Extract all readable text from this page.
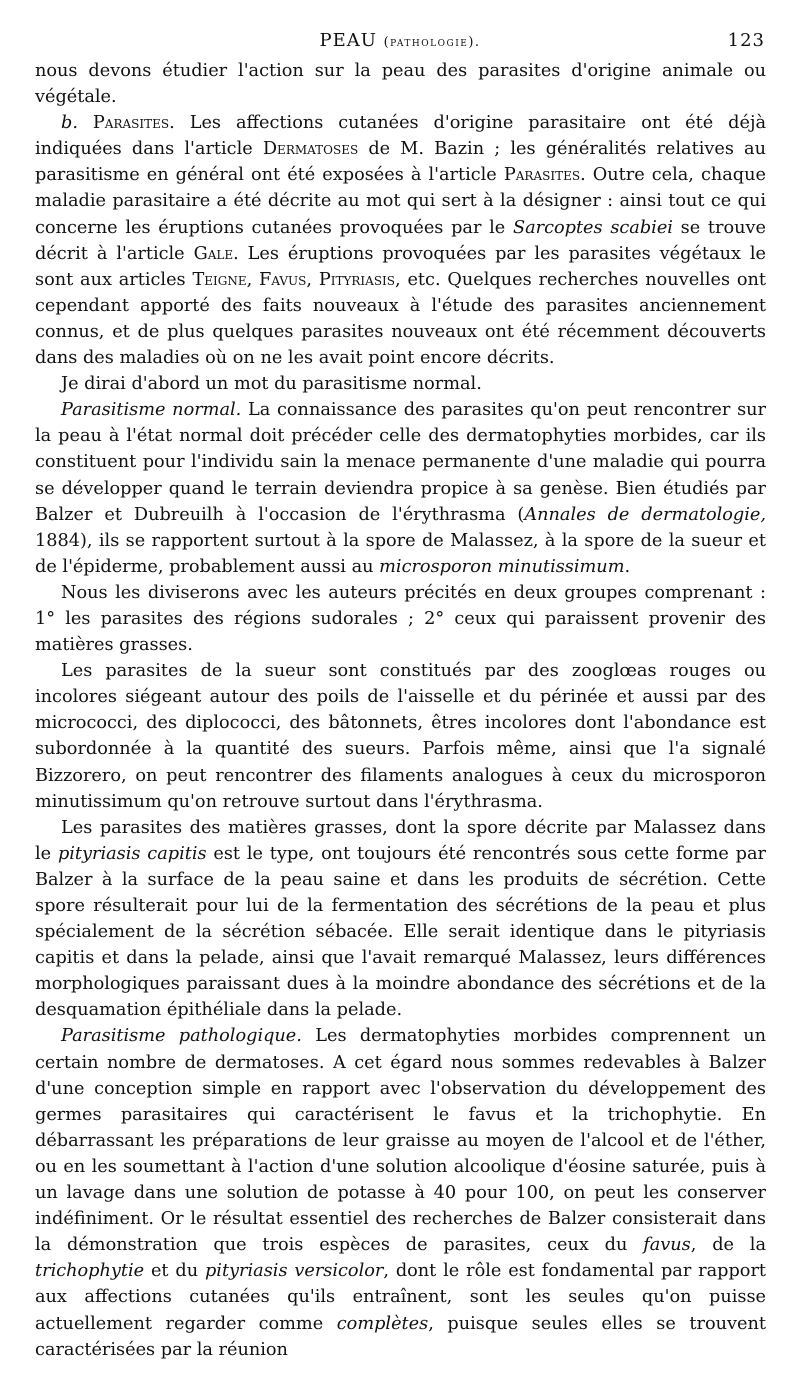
PEAU (pathologie).	123

nous devons étudier l'action sur la peau des parasites d'origine animale ou végétale.

b. Parasites. Les affections cutanées d'origine parasitaire ont été déjà indiquées dans l'article Dermatoses de M. Bazin ; les généralités relatives au parasitisme en général ont été exposées à l'article Parasites. Outre cela, chaque maladie parasitaire a été décrite au mot qui sert à la désigner : ainsi tout ce qui concerne les éruptions cutanées provoquées par le Sarcoptes scabiei se trouve décrit à l'article Gale. Les éruptions provoquées par les parasites végétaux le sont aux articles Teigne, Favus, Pityriasis, etc. Quelques recherches nouvelles ont cependant apporté des faits nouveaux à l'étude des parasites anciennement connus, et de plus quelques parasites nouveaux ont été récemment découverts dans des maladies où on ne les avait point encore décrits.

Je dirai d'abord un mot du parasitisme normal.

Parasitisme normal. La connaissance des parasites qu'on peut rencontrer sur la peau à l'état normal doit précéder celle des dermatophyties morbides, car ils constituent pour l'individu sain la menace permanente d'une maladie qui pourra se développer quand le terrain deviendra propice à sa genèse. Bien étudiés par Balzer et Dubreuilh à l'occasion de l'érythrasma (Annales de dermatologie, 1884), ils se rapportent surtout à la spore de Malassez, à la spore de la sueur et de l'épiderme, probablement aussi au microsporon minutissimum.

Nous les diviserons avec les auteurs précités en deux groupes comprenant : 1° les parasites des régions sudorales ; 2° ceux qui paraissent provenir des matières grasses.

Les parasites de la sueur sont constitués par des zooglœas rouges ou incolores siégeant autour des poils de l'aisselle et du périnée et aussi par des micrococci, des diplococci, des bâtonnets, êtres incolores dont l'abondance est subordonnée à la quantité des sueurs. Parfois même, ainsi que l'a signalé Bizzorero, on peut rencontrer des filaments analogues à ceux du microsporon minutissimum qu'on retrouve surtout dans l'érythrasma.

Les parasites des matières grasses, dont la spore décrite par Malassez dans le pityriasis capitis est le type, ont toujours été rencontrés sous cette forme par Balzer à la surface de la peau saine et dans les produits de sécrétion. Cette spore résulterait pour lui de la fermentation des sécrétions de la peau et plus spécialement de la sécrétion sébacée. Elle serait identique dans le pityriasis capitis et dans la pelade, ainsi que l'avait remarqué Malassez, leurs différences morphologiques paraissant dues à la moindre abondance des sécrétions et de la desquamation épithéliale dans la pelade.

Parasitisme pathologique. Les dermatophyties morbides comprennent un certain nombre de dermatoses. A cet égard nous sommes redevables à Balzer d'une conception simple en rapport avec l'observation du développement des germes parasitaires qui caractérisent le favus et la trichophytie. En débarrassant les préparations de leur graisse au moyen de l'alcool et de l'éther, ou en les soumettant à l'action d'une solution alcoolique d'éosine saturée, puis à un lavage dans une solution de potasse à 40 pour 100, on peut les conserver indéfiniment. Or le résultat essentiel des recherches de Balzer consisterait dans la démonstration que trois espèces de parasites, ceux du favus, de la trichophytie et du pityriasis versicolor, dont le rôle est fondamental par rapport aux affections cutanées qu'ils entraînent, sont les seules qu'on puisse actuellement regarder comme complètes, puisque seules elles se trouvent caractérisées par la réunion
